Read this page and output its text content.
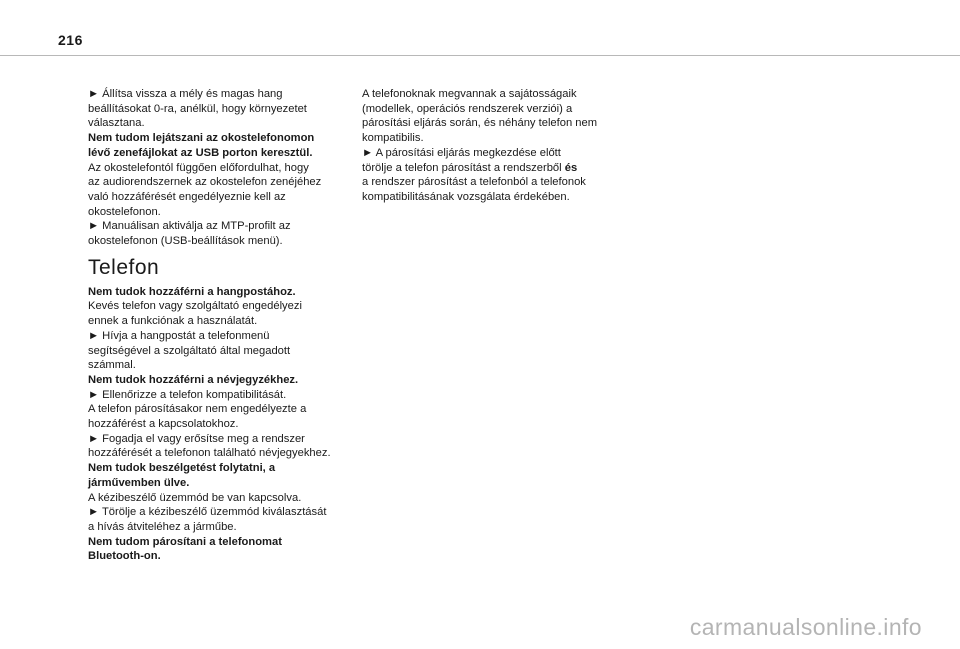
216
► Állítsa vissza a mély és magas hang
beállításokat 0-ra, anélkül, hogy környezetet
választana.
Nem tudom lejátszani az okostelefonomon
lévő zenefájlokat az USB porton keresztül.
Az okostelefontól függően előfordulhat, hogy
az audiorendszernek az okostelefon zenéjéhez
való hozzáférését engedélyeznie kell az
okostelefonon.
► Manuálisan aktiválja az MTP-profilt az
okostelefonon (USB-beállítások menü).
Telefon
Nem tudok hozzáférni a hangpostához.
Kevés telefon vagy szolgáltató engedélyezi
ennek a funkciónak a használatát.
► Hívja a hangpostát a telefonmenü
segítségével a szolgáltató által megadott
számmal.
Nem tudok hozzáférni a névjegyzékhez.
► Ellenőrizze a telefon kompatibilitását.
A telefon párosításakor nem engedélyezte a
hozzáférést a kapcsolatokhoz.
► Fogadja el vagy erősítse meg a rendszer
hozzáférését a telefonon található névjegyekhez.
Nem tudok beszélgetést folytatni, a
járművemben ülve.
A kézibeszélő üzemmód be van kapcsolva.
► Törölje a kézibeszélő üzemmód kiválasztását
a hívás átviteléhez a járműbe.
Nem tudom párosítani a telefonomat
Bluetooth-on.
A telefonoknak megvannak a sajátosságaik
(modellek, operációs rendszerek verziói) a
párosítási eljárás során, és néhány telefon nem
kompatibilis.
► A párosítási eljárás megkezdése előtt
törölje a telefon párosítást a rendszerből és
a rendszer párosítást a telefonból a telefonok
kompatibilitásának vozsgálata érdekében.
carmanualsonline.info
